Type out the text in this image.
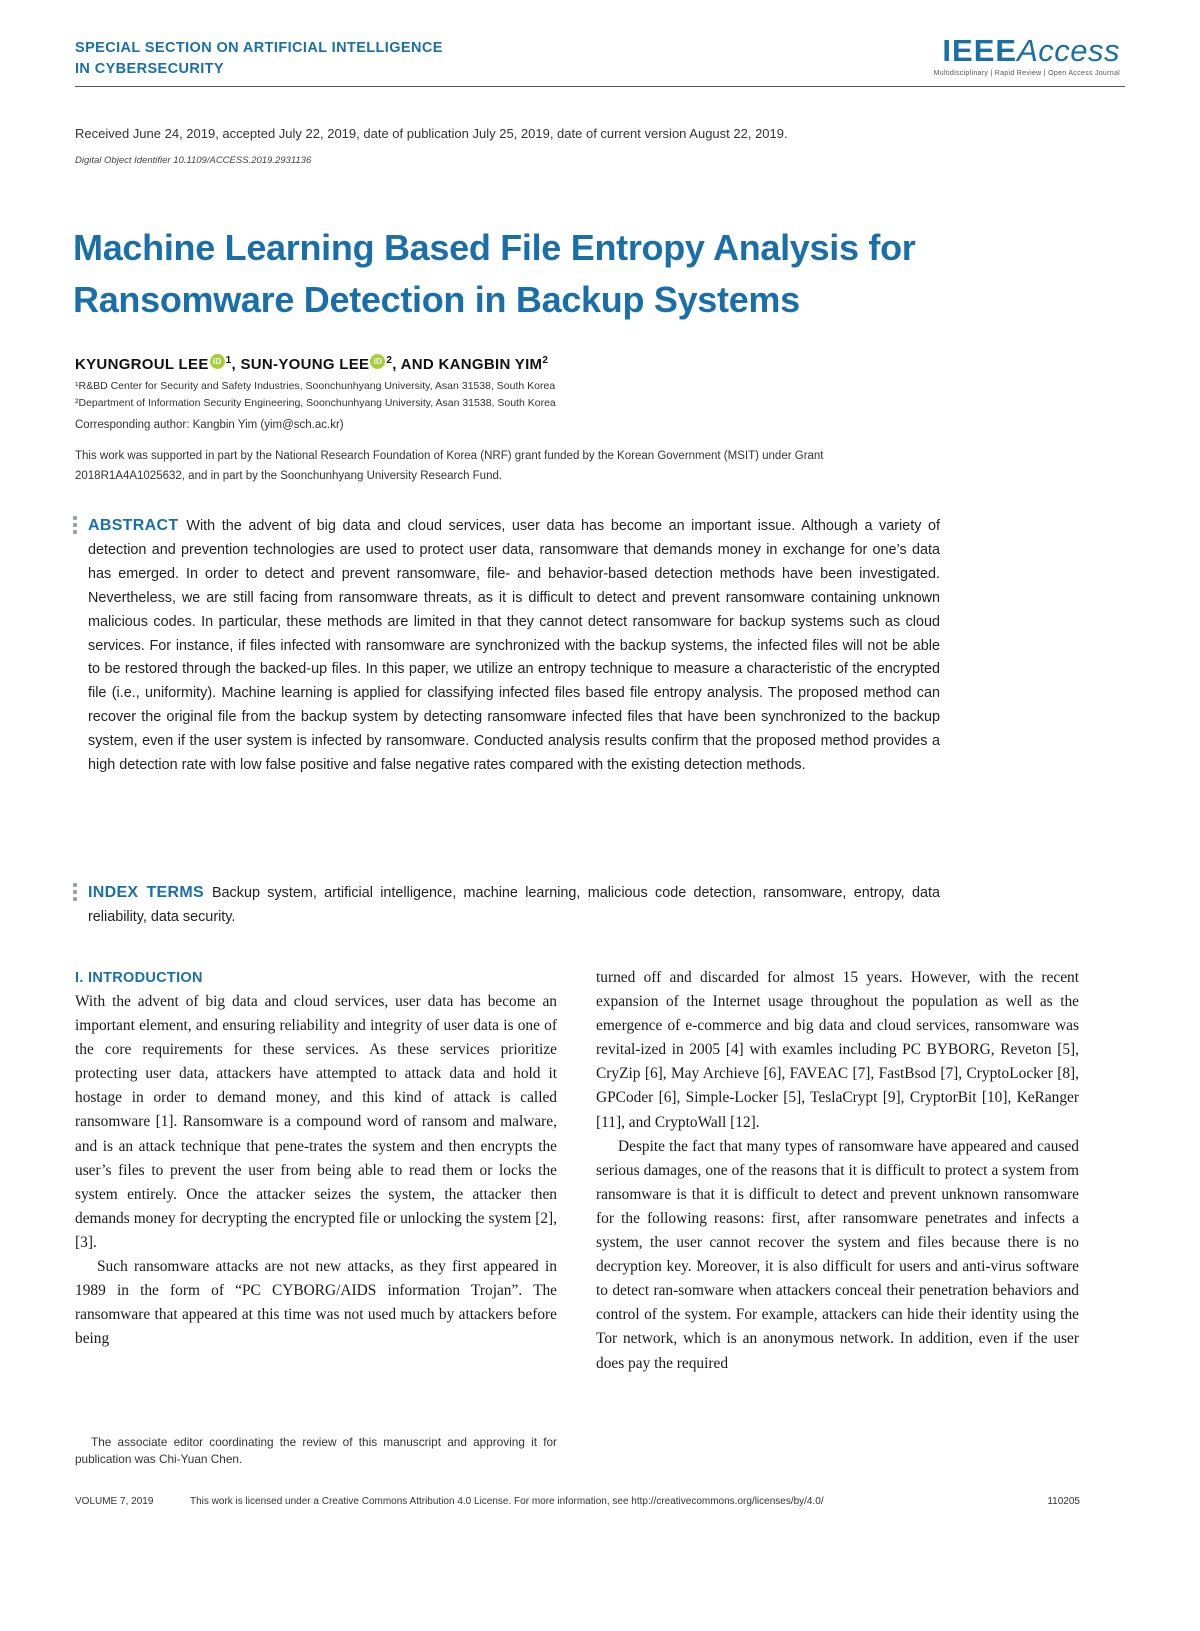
SPECIAL SECTION ON ARTIFICIAL INTELLIGENCE
IN CYBERSECURITY
IEEEAccess
Multidisciplinary | Rapid Review | Open Access Journal
Received June 24, 2019, accepted July 22, 2019, date of publication July 25, 2019, date of current version August 22, 2019.
Digital Object Identifier 10.1109/ACCESS.2019.2931136
Machine Learning Based File Entropy Analysis for Ransomware Detection in Backup Systems
KYUNGROUL LEE iD $^1$, SUN-YOUNG LEE iD $^2$, AND KANGBIN YIM$^2$
¹R&BD Center for Security and Safety Industries, Soonchunhyang University, Asan 31538, South Korea
²Department of Information Security Engineering, Soonchunhyang University, Asan 31538, South Korea
Corresponding author: Kangbin Yim (yim@sch.ac.kr)
This work was supported in part by the National Research Foundation of Korea (NRF) grant funded by the Korean Government (MSIT) under Grant 2018R1A4A1025632, and in part by the Soonchunhyang University Research Fund.
ABSTRACT With the advent of big data and cloud services, user data has become an important issue. Although a variety of detection and prevention technologies are used to protect user data, ransomware that demands money in exchange for one’s data has emerged. In order to detect and prevent ransomware, file- and behavior-based detection methods have been investigated. Nevertheless, we are still facing from ransomware threats, as it is difficult to detect and prevent ransomware containing unknown malicious codes. In particular, these methods are limited in that they cannot detect ransomware for backup systems such as cloud services. For instance, if files infected with ransomware are synchronized with the backup systems, the infected files will not be able to be restored through the backed-up files. In this paper, we utilize an entropy technique to measure a characteristic of the encrypted file (i.e., uniformity). Machine learning is applied for classifying infected files based file entropy analysis. The proposed method can recover the original file from the backup system by detecting ransomware infected files that have been synchronized to the backup system, even if the user system is infected by ransomware. Conducted analysis results confirm that the proposed method provides a high detection rate with low false positive and false negative rates compared with the existing detection methods.
INDEX TERMS Backup system, artificial intelligence, machine learning, malicious code detection, ransomware, entropy, data reliability, data security.
I. INTRODUCTION

With the advent of big data and cloud services, user data has become an important element, and ensuring reliability and integrity of user data is one of the core requirements for these services. As these services prioritize protecting user data, attackers have attempted to attack data and hold it hostage in order to demand money, and this kind of attack is called ransomware [1]. Ransomware is a compound word of ransom and malware, and is an attack technique that pene-trates the system and then encrypts the user’s files to prevent the user from being able to read them or locks the system entirely. Once the attacker seizes the system, the attacker then demands money for decrypting the encrypted file or unlocking the system [2], [3].

Such ransomware attacks are not new attacks, as they first appeared in 1989 in the form of “PC CYBORG/AIDS information Trojan”. The ransomware that appeared at this time was not used much by attackers before being

turned off and discarded for almost 15 years. However, with the recent expansion of the Internet usage throughout the population as well as the emergence of e-commerce and big data and cloud services, ransomware was revital-ized in 2005 [4] with examles including PC BYBORG, Reveton [5], CryZip [6], May Archieve [6], FAVEAC [7], FastBsod [7], CryptoLocker [8], GPCoder [6], Simple-Locker [5], TeslaCrypt [9], CryptorBit [10], KeRanger [11], and CryptoWall [12].

Despite the fact that many types of ransomware have appeared and caused serious damages, one of the reasons that it is difficult to protect a system from ransomware is that it is difficult to detect and prevent unknown ransomware for the following reasons: first, after ransomware penetrates and infects a system, the user cannot recover the system and files because there is no decryption key. Moreover, it is also difficult for users and anti-virus software to detect ran-somware when attackers conceal their penetration behaviors and control of the system. For example, attackers can hide their identity using the Tor network, which is an anonymous network. In addition, even if the user does pay the required

The associate editor coordinating the review of this manuscript and approving it for publication was Chi-Yuan Chen.
VOLUME 7, 2019	This work is licensed under a Creative Commons Attribution 4.0 License. For more information, see http://creativecommons.org/licenses/by/4.0/	110205
